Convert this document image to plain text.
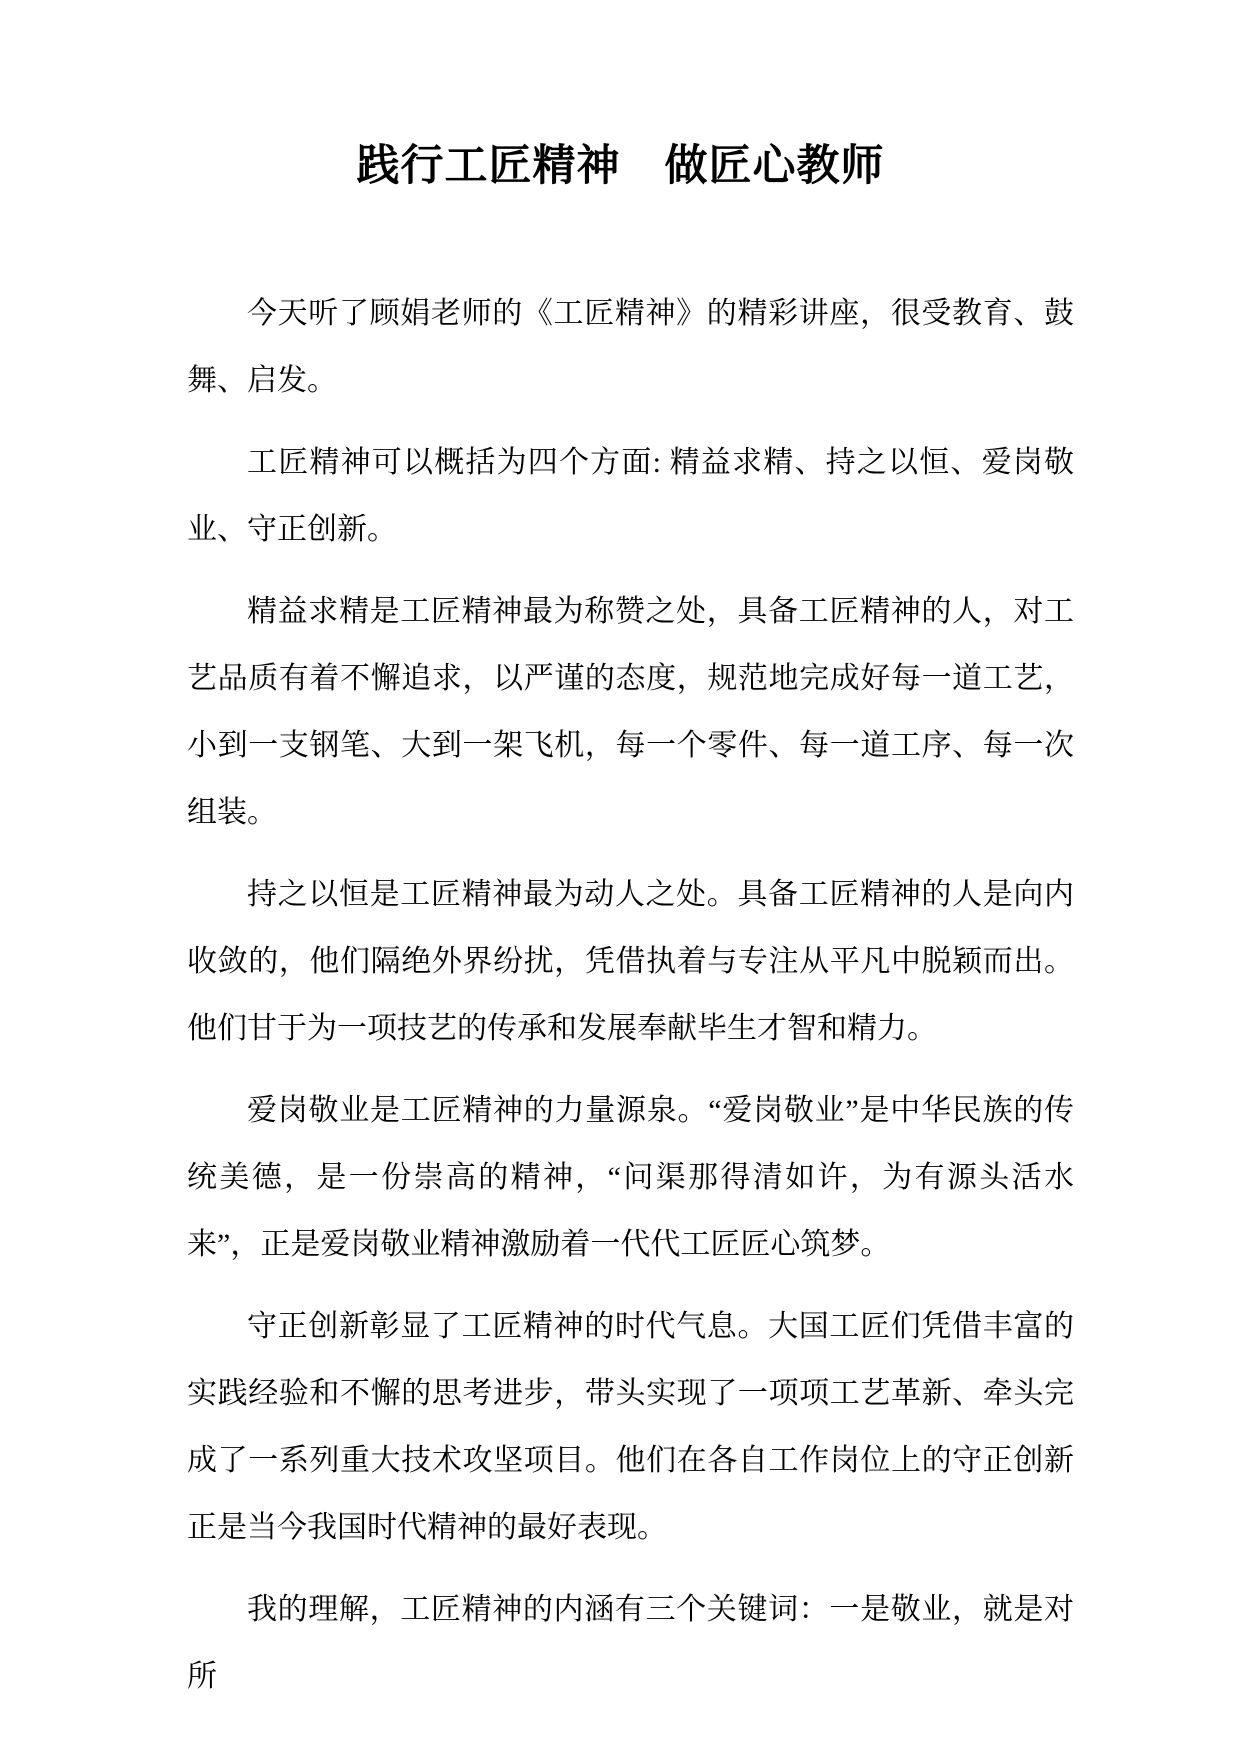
践行工匠精神　做匠心教师

今天听了顾娟老师的《工匠精神》的精彩讲座，很受教育、鼓舞、启发。

工匠精神可以概括为四个方面: 精益求精、持之以恒、爱岗敬业、守正创新。

精益求精是工匠精神最为称赞之处，具备工匠精神的人，对工艺品质有着不懈追求，以严谨的态度，规范地完成好每一道工艺，小到一支钢笔、大到一架飞机，每一个零件、每一道工序、每一次组装。

持之以恒是工匠精神最为动人之处。具备工匠精神的人是向内收敛的，他们隔绝外界纷扰，凭借执着与专注从平凡中脱颖而出。他们甘于为一项技艺的传承和发展奉献毕生才智和精力。

爱岗敬业是工匠精神的力量源泉。“爱岗敬业”是中华民族的传统美德，是一份崇高的精神，“问渠那得清如许，为有源头活水来”，正是爱岗敬业精神激励着一代代工匠匠心筑梦。

守正创新彰显了工匠精神的时代气息。大国工匠们凭借丰富的实践经验和不懈的思考进步，带头实现了一项项工艺革新、牵头完成了一系列重大技术攻坚项目。他们在各自工作岗位上的守正创新正是当今我国时代精神的最好表现。

我的理解，工匠精神的内涵有三个关键词：一是敬业，就是对所
